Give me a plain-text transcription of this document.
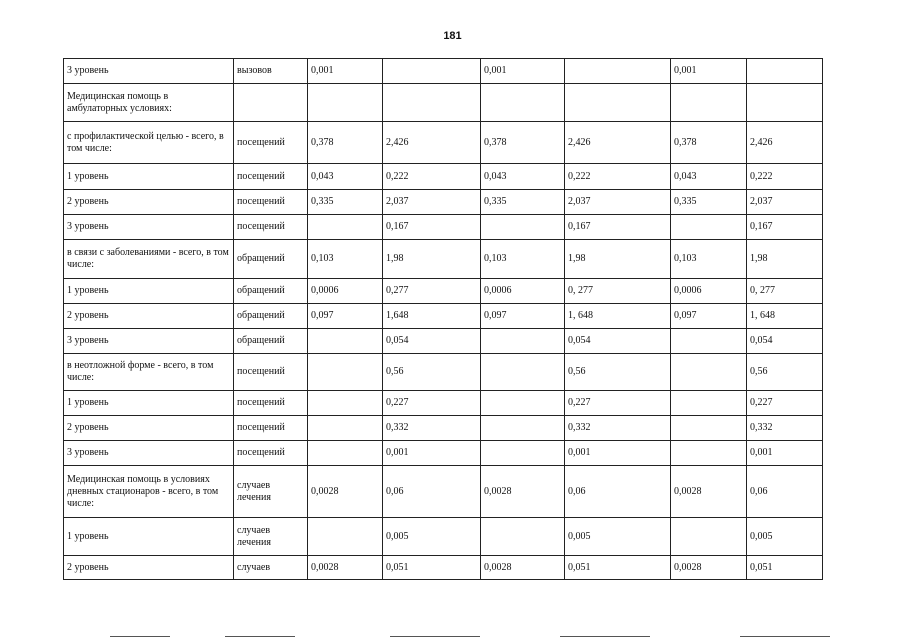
181
3 уровень	вызовов	0,001		0,001		0,001	
Медицинская помощь в амбулаторных условиях:							
с профилактической целью - всего, в том числе:	посещений	0,378	2,426	0,378	2,426	0,378	2,426
1 уровень	посещений	0,043	0,222	0,043	0,222	0,043	0,222
2 уровень	посещений	0,335	2,037	0,335	2,037	0,335	2,037
3 уровень	посещений		0,167		0,167		0,167
в связи с заболеваниями - всего, в том числе:	обращений	0,103	1,98	0,103	1,98	0,103	1,98
1 уровень	обращений	0,0006	0,277	0,0006	0, 277	0,0006	0, 277
2 уровень	обращений	0,097	1,648	0,097	1, 648	0,097	1, 648
3 уровень	обращений		0,054		0,054		0,054
в неотложной форме - всего, в том числе:	посещений		0,56		0,56		0,56
1 уровень	посещений		0,227		0,227		0,227
2 уровень	посещений		0,332		0,332		0,332
3 уровень	посещений		0,001		0,001		0,001
Медицинская помощь в условиях дневных стационаров - всего, в том числе:	случаев лечения	0,0028	0,06	0,0028	0,06	0,0028	0,06
1 уровень	случаев лечения		0,005		0,005		0,005
2 уровень	случаев	0,0028	0,051	0,0028	0,051	0,0028	0,051
